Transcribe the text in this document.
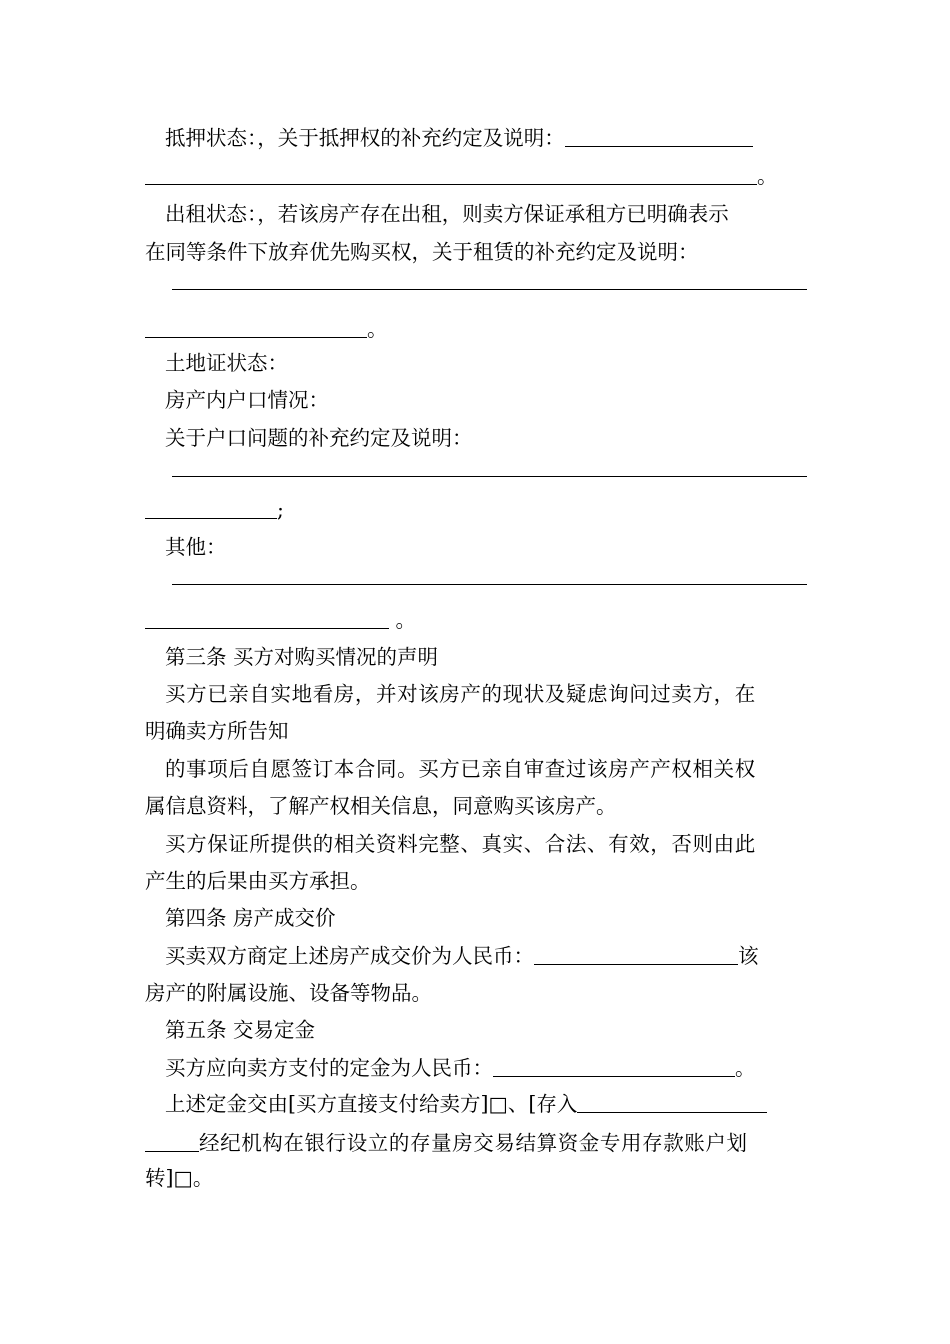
抵押状态：，关于抵押权的补充约定及说明：
。
出租状态：，若该房产存在出租，则卖方保证承租方已明确表示
在同等条件下放弃优先购买权，关于租赁的补充约定及说明：
。
土地证状态：
房产内户口情况：
关于户口问题的补充约定及说明：
;
其他：
。
第三条 买方对购买情况的声明
买方已亲自实地看房，并对该房产的现状及疑虑询问过卖方，在
明确卖方所告知
的事项后自愿签订本合同。买方已亲自审查过该房产产权相关权
属信息资料，了解产权相关信息，同意购买该房产。
买方保证所提供的相关资料完整、真实、合法、有效，否则由此
产生的后果由买方承担。
第四条 房产成交价
买卖双方商定上述房产成交价为人民币：	该
房产的附属设施、设备等物品。
第五条 交易定金
买方应向卖方支付的定金为人民币：	。
上述定金交由[买方直接支付给卖方]□、[存入
经纪机构在银行设立的存量房交易结算资金专用存款账户划
转]□。
